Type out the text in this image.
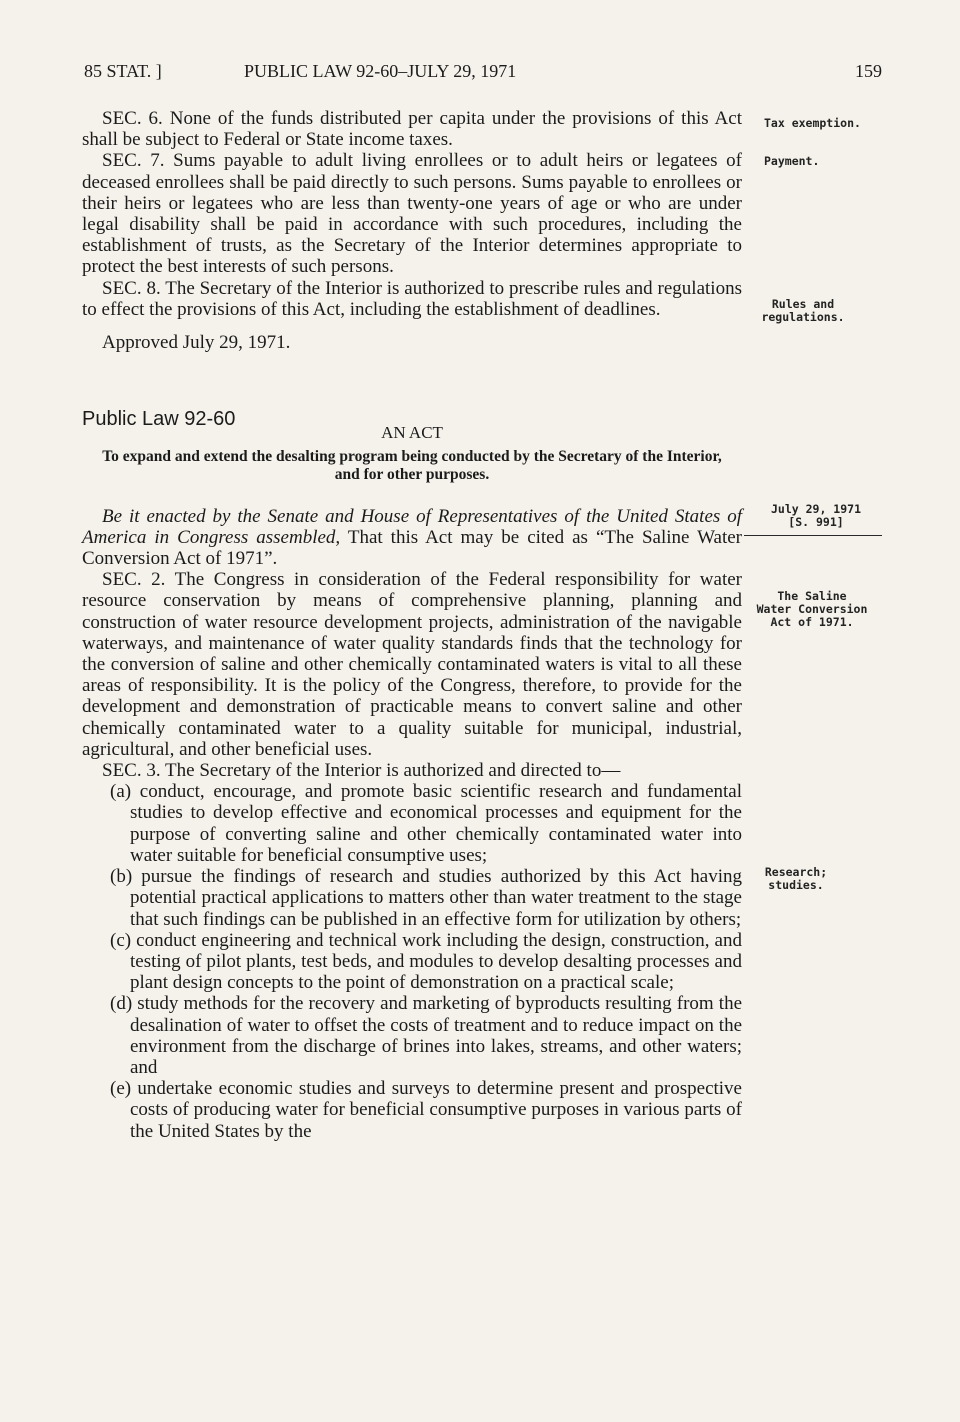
85 STAT. ]	PUBLIC LAW 92-60–JULY 29, 1971	159

SEC. 6. None of the funds distributed per capita under the provisions of this Act shall be subject to Federal or State income taxes.

SEC. 7. Sums payable to adult living enrollees or to adult heirs or legatees of deceased enrollees shall be paid directly to such persons. Sums payable to enrollees or their heirs or legatees who are less than twenty-one years of age or who are under legal disability shall be paid in accordance with such procedures, including the establishment of trusts, as the Secretary of the Interior determines appropriate to protect the best interests of such persons.

SEC. 8. The Secretary of the Interior is authorized to prescribe rules and regulations to effect the provisions of this Act, including the establishment of deadlines.

Approved July 29, 1971.

Public Law 92-60

AN ACT

To expand and extend the desalting program being conducted by the Secretary of the Interior, and for other purposes.

Be it enacted by the Senate and House of Representatives of the United States of America in Congress assembled, That this Act may be cited as “The Saline Water Conversion Act of 1971”.

SEC. 2. The Congress in consideration of the Federal responsibility for water resource conservation by means of comprehensive planning, planning and construction of water resource development projects, administration of the navigable waterways, and maintenance of water quality standards finds that the technology for the conversion of saline and other chemically contaminated waters is vital to all these areas of responsibility. It is the policy of the Congress, therefore, to provide for the development and demonstration of practicable means to convert saline and other chemically contaminated water to a quality suitable for municipal, industrial, agricultural, and other beneficial uses.

SEC. 3. The Secretary of the Interior is authorized and directed to—

(a) conduct, encourage, and promote basic scientific research and fundamental studies to develop effective and economical processes and equipment for the purpose of converting saline and other chemically contaminated water into water suitable for beneficial consumptive uses;

(b) pursue the findings of research and studies authorized by this Act having potential practical applications to matters other than water treatment to the stage that such findings can be published in an effective form for utilization by others;

(c) conduct engineering and technical work including the design, construction, and testing of pilot plants, test beds, and modules to develop desalting processes and plant design concepts to the point of demonstration on a practical scale;

(d) study methods for the recovery and marketing of byproducts resulting from the desalination of water to offset the costs of treatment and to reduce impact on the environment from the discharge of brines into lakes, streams, and other waters; and

(e) undertake economic studies and surveys to determine present and prospective costs of producing water for beneficial consumptive purposes in various parts of the United States by the

Tax exemption.
Payment.
Rules and
regulations.
July 29, 1971
[S. 991]
The Saline
Water Conversion
Act of 1971.
Research;
studies.
